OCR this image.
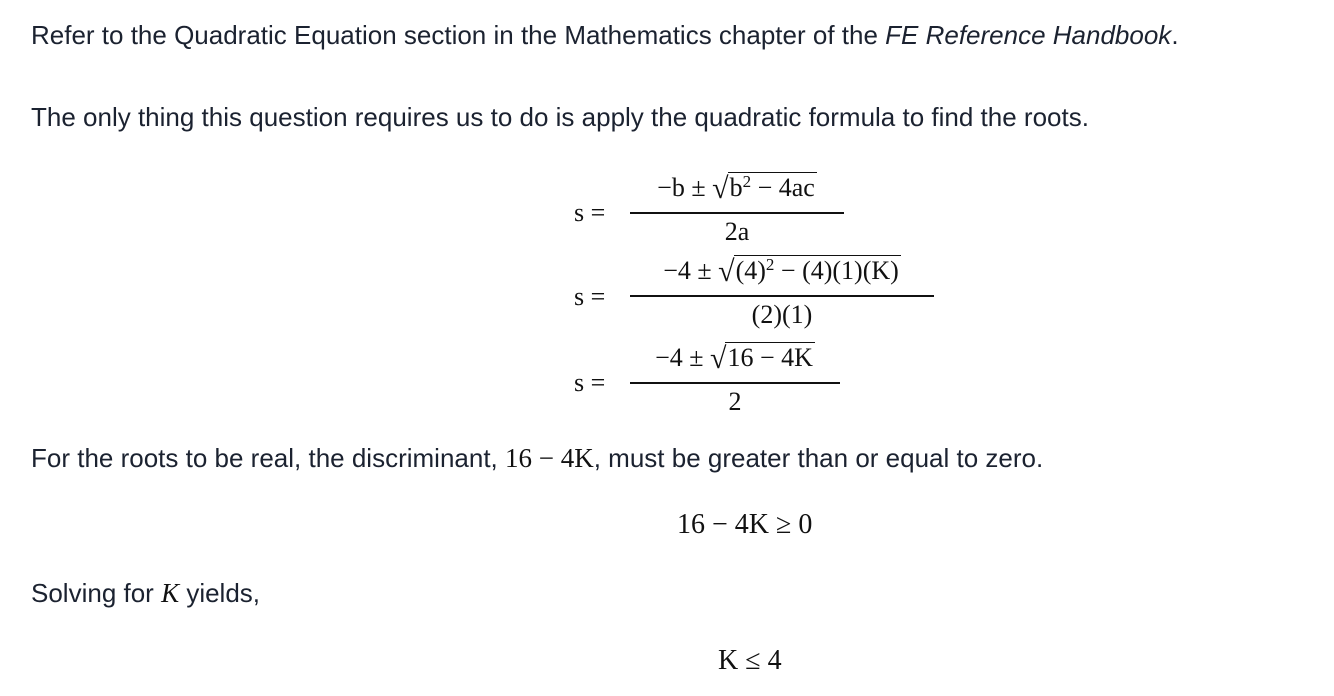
Refer to the Quadratic Equation section in the Mathematics chapter of the FE Reference Handbook.
The only thing this question requires us to do is apply the quadratic formula to find the roots.
s =
$-b \pm √b^2 - 4ac$
2a
s =
$-4 \pm √(4)^2 - (4)(1)(K)$
(2)(1)
s =
−4 ± √16 − 4K
2
For the roots to be real, the discriminant, 16 − 4K, must be greater than or equal to zero.
16 − 4K ≥ 0
Solving for K yields,
K ≤ 4
